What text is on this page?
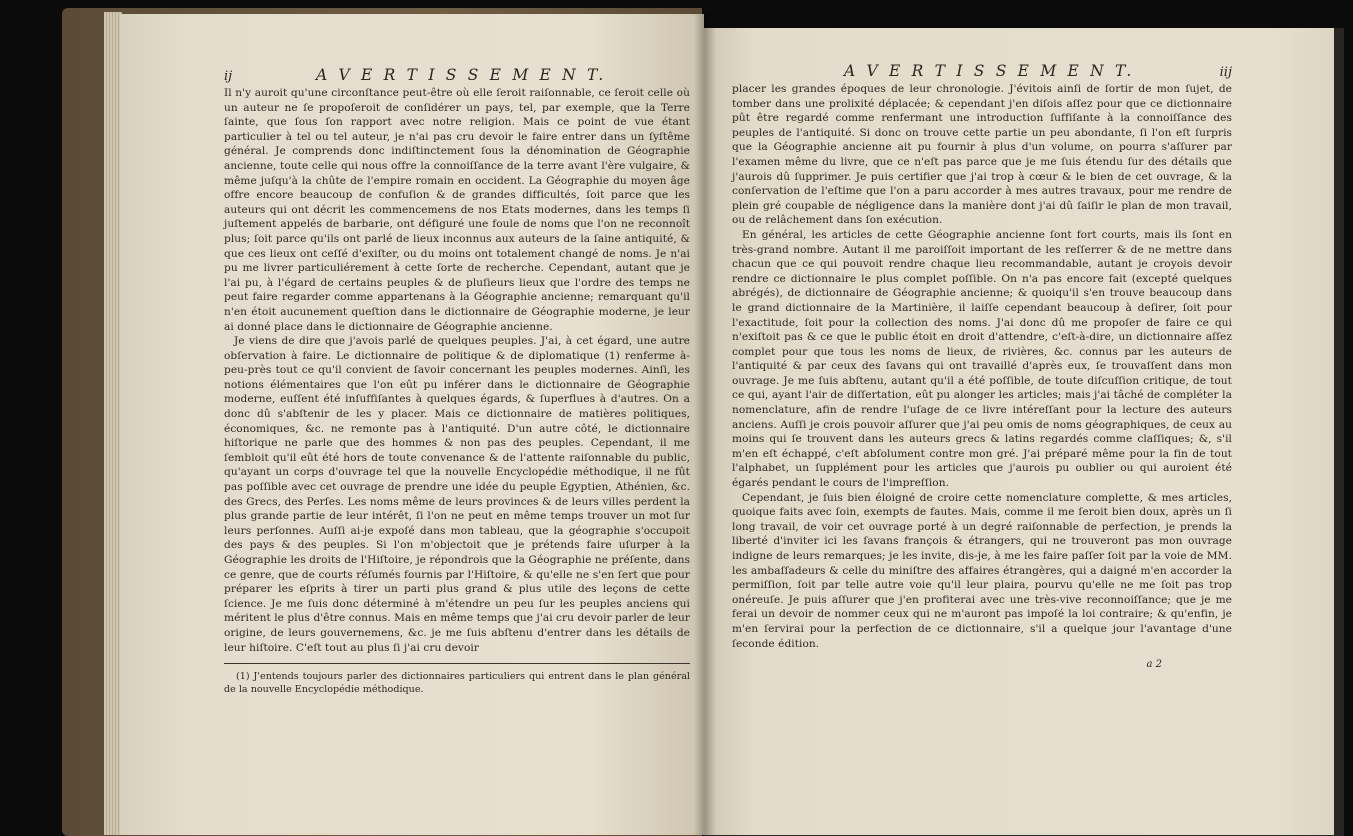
ij	A V E R T I S S E M E N T.

Il n'y auroit qu'une circonſtance peut-être où elle ſeroit raiſonnable, ce ſeroit celle où un auteur ne ſe propoſeroit de conſidérer un pays, tel, par exemple, que la Terre ſainte, que ſous ſon rapport avec notre religion. Mais ce point de vue étant particulier à tel ou tel auteur, je n'ai pas cru devoir le faire entrer dans un ſyſtême général. Je comprends donc indiſtinctement ſous la dénomination de Géographie ancienne, toute celle qui nous offre la connoiſſance de la terre avant l'ère vulgaire, & même juſqu'à la chûte de l'empire romain en occident. La Géographie du moyen âge offre encore beaucoup de confuſion & de grandes difficultés, ſoit parce que les auteurs qui ont décrit les commencemens de nos Etats modernes, dans les temps ſi juſtement appelés de barbarie, ont défiguré une foule de noms que l'on ne reconnoît plus; ſoit parce qu'ils ont parlé de lieux inconnus aux auteurs de la ſaine antiquité, & que ces lieux ont ceſſé d'exiſter, ou du moins ont totalement changé de noms. Je n'ai pu me livrer particuliérement à cette ſorte de recherche. Cependant, autant que je l'ai pu, à l'égard de certains peuples & de pluſieurs lieux que l'ordre des temps ne peut faire regarder comme appartenans à la Géographie ancienne; remarquant qu'il n'en étoit aucunement queſtion dans le dictionnaire de Géographie moderne, je leur ai donné place dans le dictionnaire de Géographie ancienne.

Je viens de dire que j'avois parlé de quelques peuples. J'ai, à cet égard, une autre obſervation à faire. Le dictionnaire de politique & de diplomatique (1) renferme à-peu-près tout ce qu'il convient de ſavoir concernant les peuples modernes. Ainſi, les notions élémentaires que l'on eût pu inférer dans le dictionnaire de Géographie moderne, euſſent été inſuffiſantes à quelques égards, & ſuperflues à d'autres. On a donc dû s'abſtenir de les y placer. Mais ce dictionnaire de matières politiques, économiques, &c. ne remonte pas à l'antiquité. D'un autre côté, le dictionnaire hiſtorique ne parle que des hommes & non pas des peuples. Cependant, il me ſembloit qu'il eût été hors de toute convenance & de l'attente raiſonnable du public, qu'ayant un corps d'ouvrage tel que la nouvelle Encyclopédie méthodique, il ne fût pas poſſible avec cet ouvrage de prendre une idée du peuple Egyptien, Athénien, &c. des Grecs, des Perſes. Les noms même de leurs provinces & de leurs villes perdent la plus grande partie de leur intérêt, ſi l'on ne peut en même temps trouver un mot ſur leurs perſonnes. Auſſi ai-je expoſé dans mon tableau, que la géographie s'occupoit des pays & des peuples. Si l'on m'objectoit que je prétends faire uſurper à la Géographie les droits de l'Hiſtoire, je répondrois que la Géographie ne préſente, dans ce genre, que de courts réſumés fournis par l'Hiſtoire, & qu'elle ne s'en ſert que pour préparer les eſprits à tirer un parti plus grand & plus utile des leçons de cette ſcience. Je me ſuis donc déterminé à m'étendre un peu ſur les peuples anciens qui méritent le plus d'être connus. Mais en même temps que j'ai cru devoir parler de leur origine, de leurs gouvernemens, &c. je me ſuis abſtenu d'entrer dans les détails de leur hiſtoire. C'eſt tout au plus ſi j'ai cru devoir

(1) J'entends toujours parler des dictionnaires particuliers qui entrent dans le plan général de la nouvelle Encyclopédie méthodique.
A V E R T I S S E M E N T.	iij

placer les grandes époques de leur chronologie. J'évitois ainſi de ſortir de mon ſujet, de tomber dans une prolixité déplacée; & cependant j'en diſois aſſez pour que ce dictionnaire pût être regardé comme renfermant une introduction ſuffiſante à la connoiſſance des peuples de l'antiquité. Si donc on trouve cette partie un peu abondante, ſi l'on eſt ſurpris que la Géographie ancienne ait pu fournir à plus d'un volume, on pourra s'aſſurer par l'examen même du livre, que ce n'eſt pas parce que je me ſuis étendu ſur des détails que j'aurois dû ſupprimer. Je puis certifier que j'ai trop à cœur & le bien de cet ouvrage, & la conſervation de l'eſtime que l'on a paru accorder à mes autres travaux, pour me rendre de plein gré coupable de négligence dans la manière dont j'ai dû ſaiſir le plan de mon travail, ou de relâchement dans ſon exécution.

En général, les articles de cette Géographie ancienne ſont fort courts, mais ils ſont en très-grand nombre. Autant il me paroiſſoit important de les reſſerrer & de ne mettre dans chacun que ce qui pouvoit rendre chaque lieu recommandable, autant je croyois devoir rendre ce dictionnaire le plus complet poſſible. On n'a pas encore fait (excepté quelques abrégés), de dictionnaire de Géographie ancienne; & quoiqu'il s'en trouve beaucoup dans le grand dictionnaire de la Martinière, il laiſſe cependant beaucoup à deſirer, ſoit pour l'exactitude, ſoit pour la collection des noms. J'ai donc dû me propoſer de faire ce qui n'exiſtoit pas & ce que le public étoit en droit d'attendre, c'eſt-à-dire, un dictionnaire aſſez complet pour que tous les noms de lieux, de rivières, &c. connus par les auteurs de l'antiquité & par ceux des ſavans qui ont travaillé d'après eux, ſe trouvaſſent dans mon ouvrage. Je me ſuis abſtenu, autant qu'il a été poſſible, de toute diſcuſſion critique, de tout ce qui, ayant l'air de diſſertation, eût pu alonger les articles; mais j'ai tâché de compléter la nomenclature, afin de rendre l'uſage de ce livre intéreſſant pour la lecture des auteurs anciens. Auſſi je crois pouvoir aſſurer que j'ai peu omis de noms géographiques, de ceux au moins qui ſe trouvent dans les auteurs grecs & latins regardés comme claſſiques; &, s'il m'en eſt échappé, c'eſt abſolument contre mon gré. J'ai préparé même pour la fin de tout l'alphabet, un ſupplément pour les articles que j'aurois pu oublier ou qui auroient été égarés pendant le cours de l'impreſſion.

Cependant, je ſuis bien éloigné de croire cette nomenclature complette, & mes articles, quoique faits avec ſoin, exempts de fautes. Mais, comme il me ſeroit bien doux, après un ſi long travail, de voir cet ouvrage porté à un degré raiſonnable de perfection, je prends la liberté d'inviter ici les ſavans françois & étrangers, qui ne trouveront pas mon ouvrage indigne de leurs remarques; je les invite, dis-je, à me les faire paſſer ſoit par la voie de MM. les ambaſſadeurs & celle du miniſtre des affaires étrangères, qui a daigné m'en accorder la permiſſion, ſoit par telle autre voie qu'il leur plaira, pourvu qu'elle ne me ſoit pas trop onéreuſe. Je puis aſſurer que j'en profiterai avec une très-vive reconnoiſſance; que je me ferai un devoir de nommer ceux qui ne m'auront pas impoſé la loi contraire; & qu'enfin, je m'en ſervirai pour la perfection de ce dictionnaire, s'il a quelque jour l'avantage d'une ſeconde édition.

a 2
